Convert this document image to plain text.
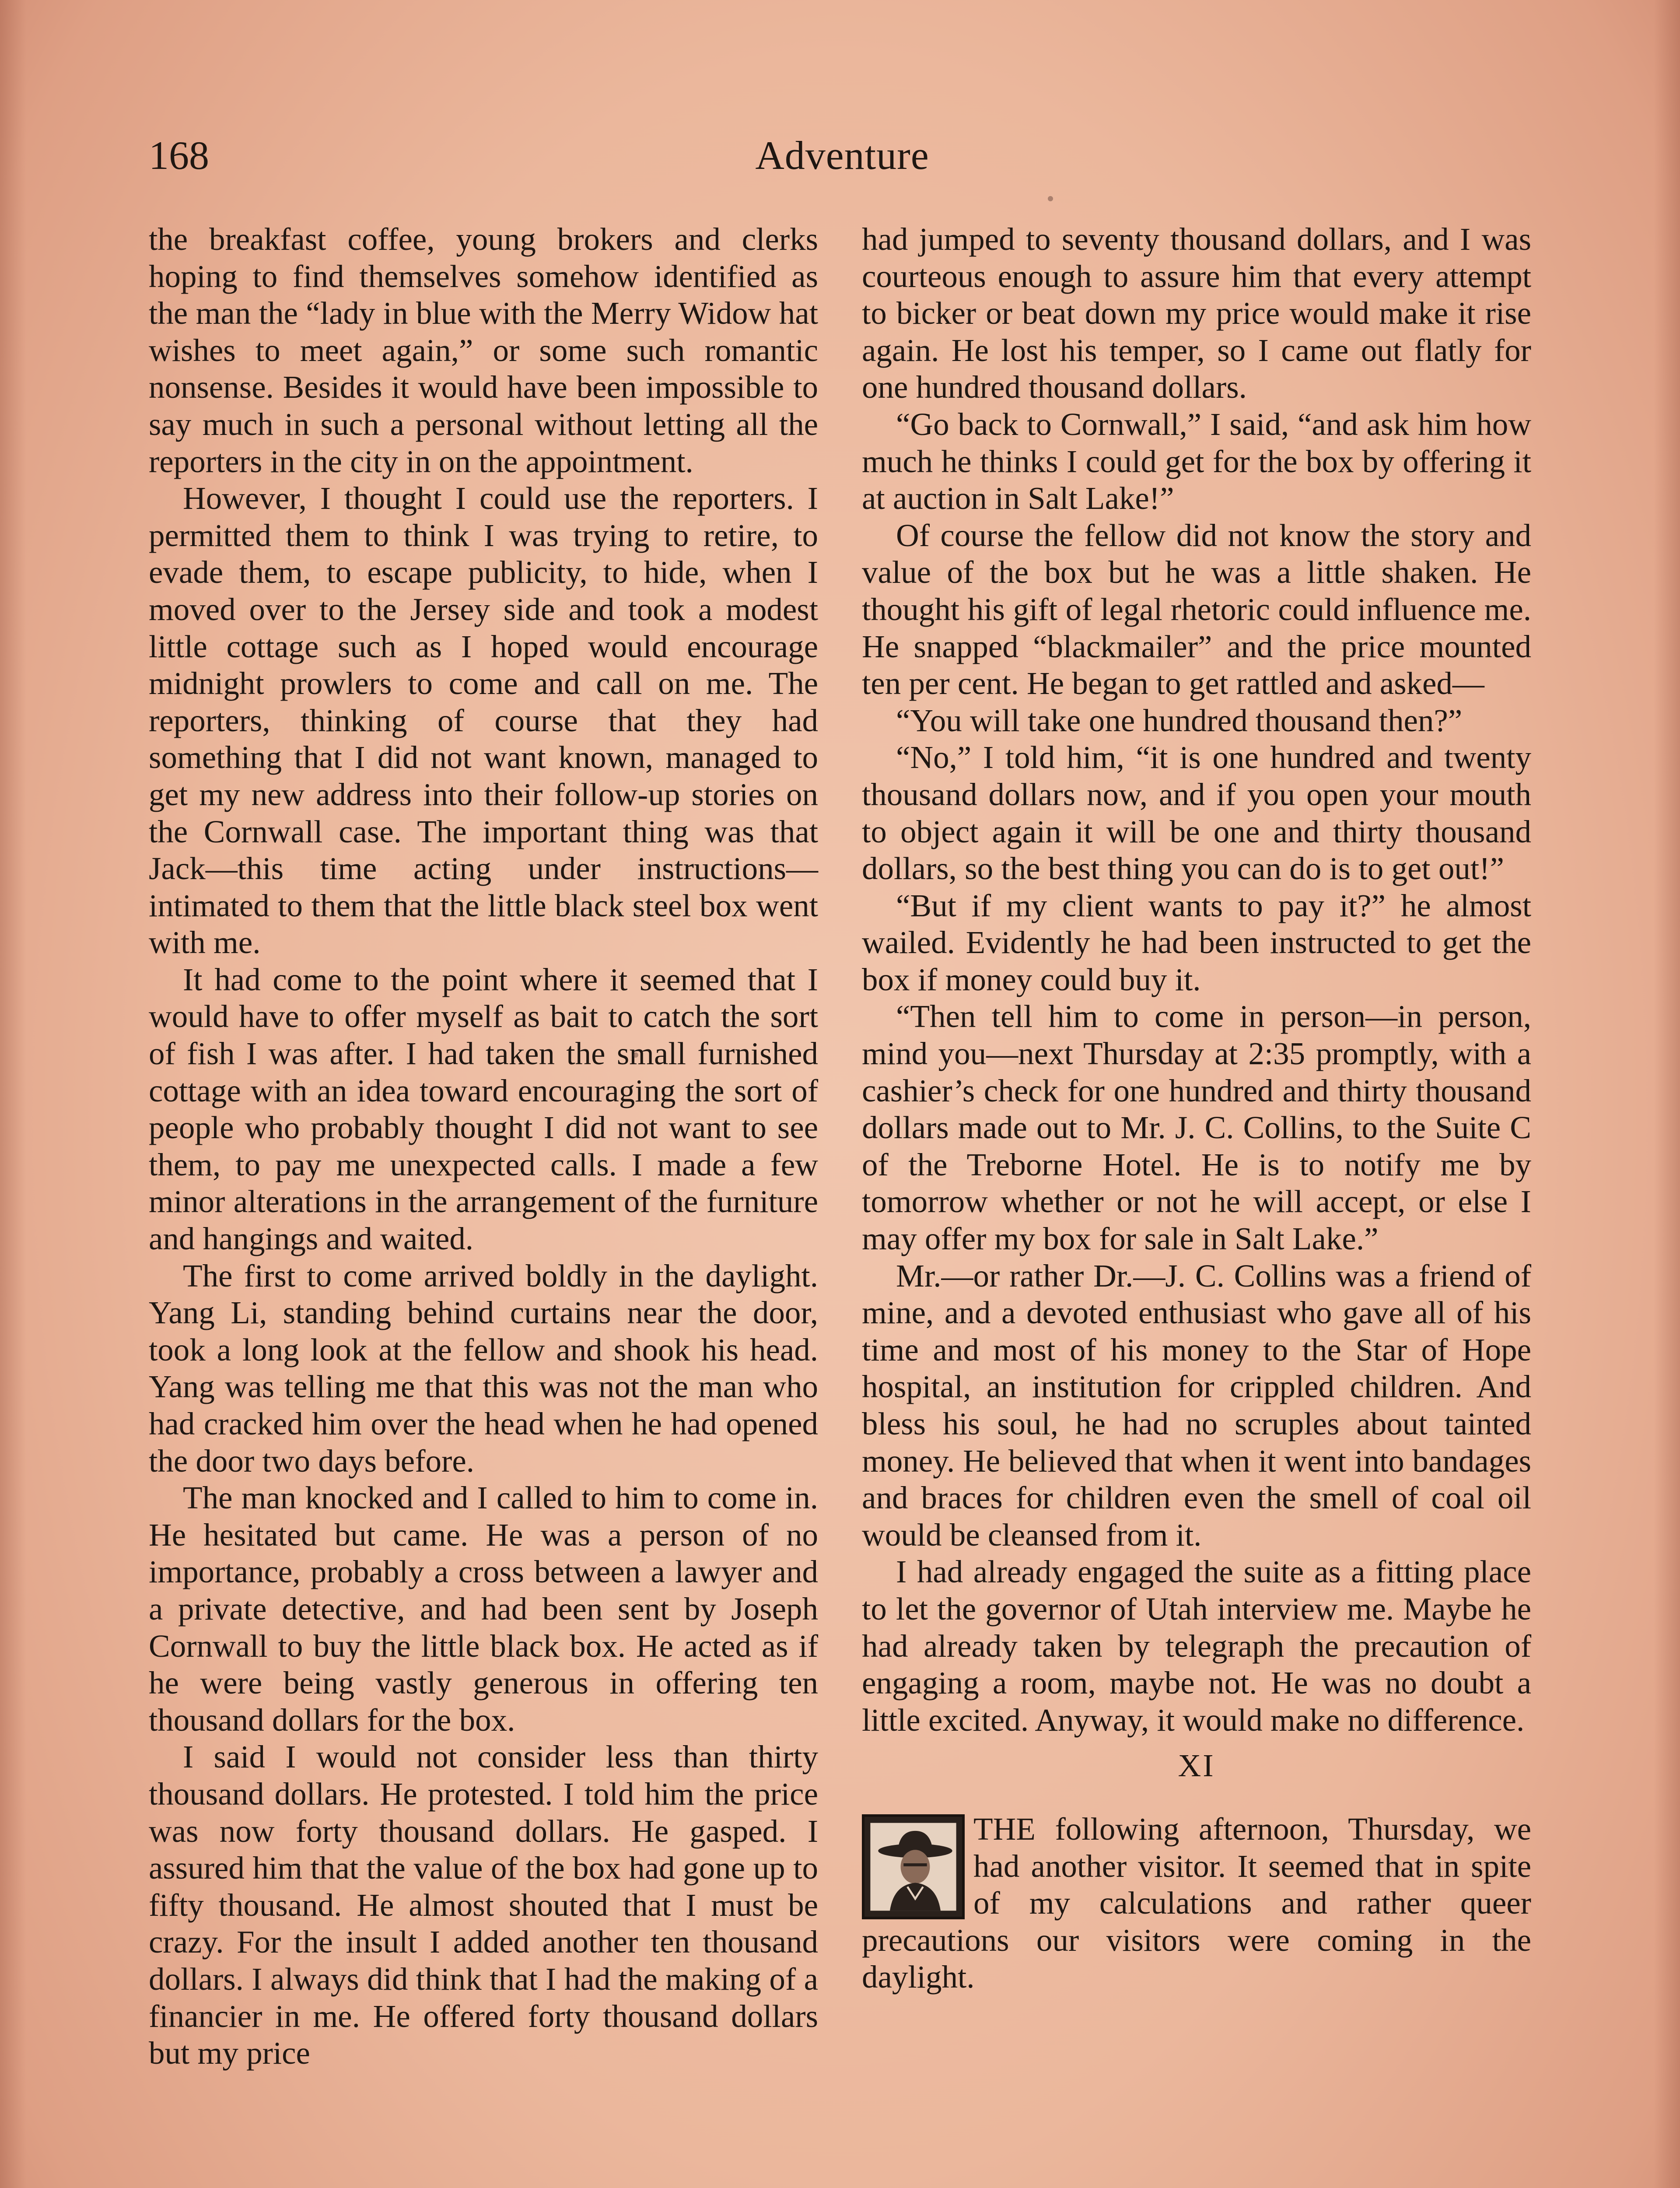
168	Adventure

the breakfast coffee, young brokers and clerks hoping to find themselves somehow identified as the man the “lady in blue with the Merry Widow hat wishes to meet again,” or some such romantic nonsense. Besides it would have been impossible to say much in such a personal without letting all the reporters in the city in on the appointment.

However, I thought I could use the reporters. I permitted them to think I was trying to retire, to evade them, to escape publicity, to hide, when I moved over to the Jersey side and took a modest little cottage such as I hoped would encourage midnight prowlers to come and call on me. The reporters, thinking of course that they had something that I did not want known, managed to get my new address into their follow-up stories on the Cornwall case. The important thing was that Jack—this time acting under instructions—intimated to them that the little black steel box went with me.

It had come to the point where it seemed that I would have to offer myself as bait to catch the sort of fish I was after. I had taken the small furnished cottage with an idea toward encouraging the sort of people who probably thought I did not want to see them, to pay me unexpected calls. I made a few minor alterations in the arrangement of the furniture and hangings and waited.

The first to come arrived boldly in the daylight. Yang Li, standing behind curtains near the door, took a long look at the fellow and shook his head. Yang was telling me that this was not the man who had cracked him over the head when he had opened the door two days before.

The man knocked and I called to him to come in. He hesitated but came. He was a person of no importance, probably a cross between a lawyer and a private detective, and had been sent by Joseph Cornwall to buy the little black box. He acted as if he were being vastly generous in offering ten thousand dollars for the box.

I said I would not consider less than thirty thousand dollars. He protested. I told him the price was now forty thousand dollars. He gasped. I assured him that the value of the box had gone up to fifty thousand. He almost shouted that I must be crazy. For the insult I added another ten thousand dollars. I always did think that I had the making of a financier in me. He offered forty thousand dollars but my price

had jumped to seventy thousand dollars, and I was courteous enough to assure him that every attempt to bicker or beat down my price would make it rise again. He lost his temper, so I came out flatly for one hundred thousand dollars.

“Go back to Cornwall,” I said, “and ask him how much he thinks I could get for the box by offering it at auction in Salt Lake!”

Of course the fellow did not know the story and value of the box but he was a little shaken. He thought his gift of legal rhetoric could influence me. He snapped “blackmailer” and the price mounted ten per cent. He began to get rattled and asked—

“You will take one hundred thousand then?”

“No,” I told him, “it is one hundred and twenty thousand dollars now, and if you open your mouth to object again it will be one and thirty thousand dollars, so the best thing you can do is to get out!”

“But if my client wants to pay it?” he almost wailed. Evidently he had been instructed to get the box if money could buy it.

“Then tell him to come in person—in person, mind you—next Thursday at 2:35 promptly, with a cashier’s check for one hundred and thirty thousand dollars made out to Mr. J. C. Collins, to the Suite C of the Treborne Hotel. He is to notify me by tomorrow whether or not he will accept, or else I may offer my box for sale in Salt Lake.”

Mr.—or rather Dr.—J. C. Collins was a friend of mine, and a devoted enthusiast who gave all of his time and most of his money to the Star of Hope hospital, an institution for crippled children. And bless his soul, he had no scruples about tainted money. He believed that when it went into bandages and braces for children even the smell of coal oil would be cleansed from it.

I had already engaged the suite as a fitting place to let the governor of Utah interview me. Maybe he had already taken by telegraph the precaution of engaging a room, maybe not. He was no doubt a little excited. Anyway, it would make no difference.

XI
THE following afternoon, Thursday, we had another visitor. It seemed that in spite of my calculations and rather queer precautions our visitors were coming in the daylight.
